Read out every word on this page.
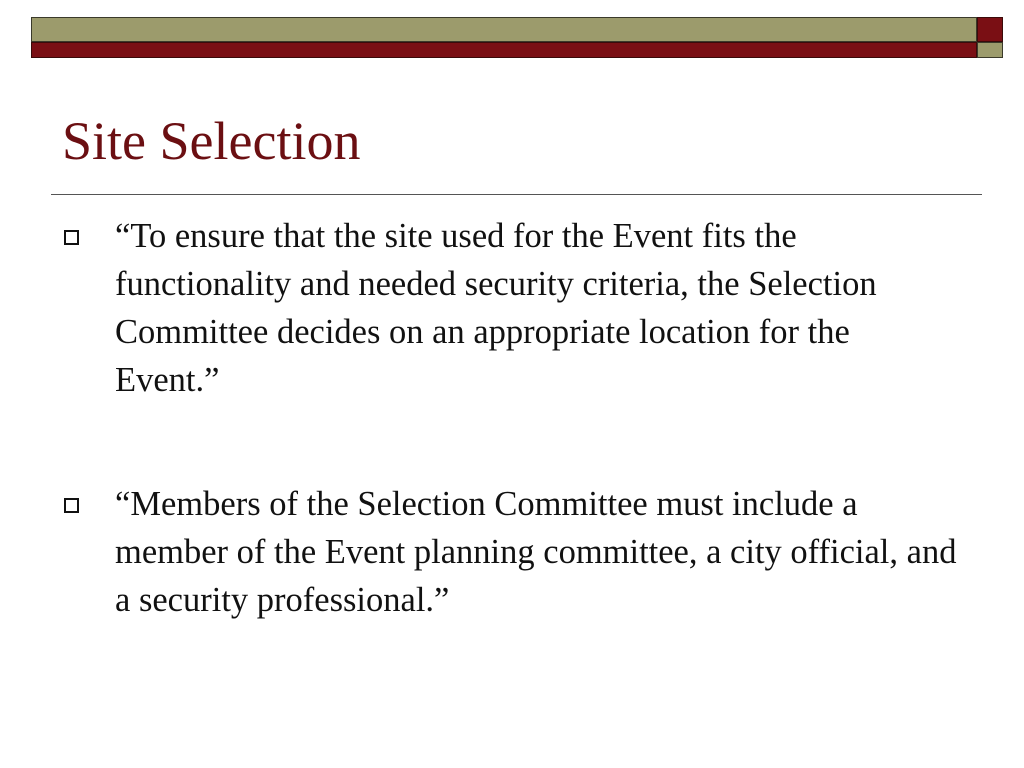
Site Selection
“To ensure that the site used for the Event fits the functionality and needed security criteria, the Selection Committee decides on an appropriate location for the Event.”
“Members of the Selection Committee must include a member of the Event planning committee, a city official, and a security professional.”
